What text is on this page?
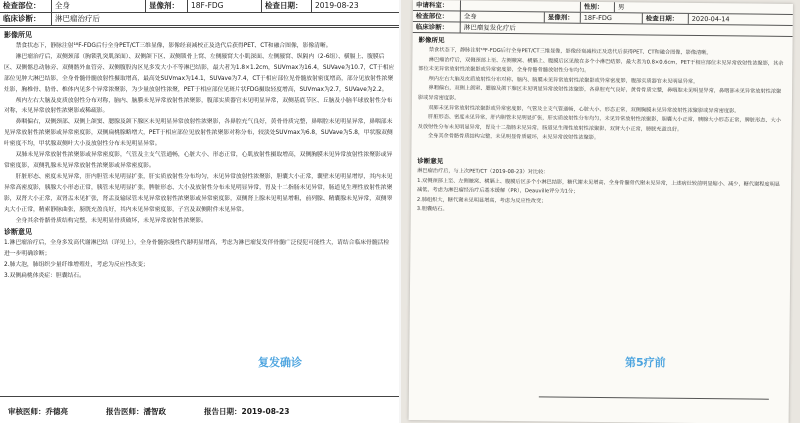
检查部位：	全身	显像剂：	18F-FDG	检查日期：	2019-08-23
临床诊断：	淋巴瘤治疗后
影像所见

禁食状态下，静脉注射¹⁸F-FDG后行全身PET/CT三维显像，影像经衰减校正及迭代后获得PET、CT和融合图像，影像清晰。

淋巴瘤治疗后，双侧颈部（胸锁乳突肌深面）、双侧颌下区、双侧锁骨上窝、左侧腋窝大小肌深面、左侧腋窝、纵隔内（2-6组）、横膈上、腹膜后区、双侧髂总动脉旁、双侧髂外血管旁、双侧腹股沟区见多发大小不等淋巴结影，最大者为1.8×1.2cm，SUVmax为16.4，SUVave为10.7，CT于相应部位见肿大淋巴结影，全身骨髓骨髓放射性摄取增高，最高处SUVmax为14.1，SUVave为7.4，CT于相应部位见骨髓放射密度增高，部分见放射性浓聚灶影，胸椎骨、肋骨、椎体内见多个异常浓聚影，为少量放射性浓聚，PET于相应部位见斑片状FDG摄取轻度增高，SUVmax为2.7，SUVave为2.2。

颅内左右大脑及皮质放射性分布对称，脑内、脑膜未见异常放射性浓聚影，腹部实质器官未见明显异常，双侧基底节区、丘脑及小脑半球放射性分布对称，未见异常放射性浓聚影或稀疏影。

鼻咽偏右，双侧颈部、双侧上颌窦、腮腺及颌下腺区未见明显异常放射性浓聚影，各鼻腔充气良好，黄骨骨质完整，鼻咽腔未见明显异常，鼻咽部未见异常放射性浓聚影或异常密度影，双侧扁桃腺略增大，PET于相应部位见放射性浓聚影对称分布，较淡处SUVmax为6.8，SUVave为5.8，甲状腺双侧叶密度不均，甲状腺双侧叶大小及放射性分布未见明显异常。

双肺未见异常放射性浓聚影或异常密度影，气管及主支气管通畅，心脏大小、形态正常，心肌放射性摄取增高，双侧胸膜未见异常放射性浓聚影或异常密度影，双侧乳腺未见异常放射性浓聚影或异常密度影。

肝脏形态、密度未见异常，肝内胆管未见明显扩张，肝实质放射性分布均匀，未见异常放射性浓聚影，胆囊大小正常，囊壁未见明显增厚，其内未见异常高密度影，胰腺大小形态正常，胰管未见明显扩张，脾脏形态、大小及放射性分布未见明显异常，胃及十二指肠未见异常，肠道见生理性放射性浓聚影，双肾大小正常，双肾盂未见扩张，肾盂及输尿管未见异常放射性浓聚影或异常密度影，双侧肾上腺未见明显增粗，前列腺、精囊腺未见异常，双侧睾丸大小正常，精索静脉曲张，膀胱充盈良好，其内未见异常密度影，子宫及双侧附件未见异常。

全身其余骨骼骨质结构完整，未见明显骨质破坏，未见异常放射性浓聚影。

诊断意见

1.淋巴瘤治疗后，全身多发高代谢淋巴结（详见上），全身骨髓弥漫性代谢明显增高，考虑为淋巴瘤复发伴骨髓广泛侵犯可能性大，请结合临床骨髓活检进一步明确诊断；

2.肺大泡，肺组织少量纤维增殖灶，考虑为反应性改变；

3.双侧扁桃体炎症：胆囊结石。

复发确诊
审核医师：乔德亮	报告医师：潘智政	报告日期：2019-08-23
申请科室：	性别：	男
检查部位：	全身	显像剂：	18F-FDG	检查日期：	2020-04-14
临床诊断：	淋巴瘤复发化疗后
影像所见

禁食状态下，静脉注射¹⁸F-FDG后行全身PET/CT三维显像，影像经衰减校正及迭代后获得PET、CT和融合图像，影像清晰。

淋巴瘤治疗后，双侧颈部上至、左侧腋窝、横膈上、腹膜后区见散在多个小淋巴结影，最大者为0.8×0.6cm，PET于相应部位未见异常放射性浓聚影，其余部位未见异常放射性浓聚影或异常密度影，全身骨骼骨髓放射性分布均匀。

颅内左右大脑及皮质放射性分布对称，脑内、脑膜未见异常放射性浓聚影或异常密度影，腹部实质器官未见明显异常。

鼻咽偏右，双侧上颌窦、腮腺及颌下腺区未见明显异常放射性浓聚影，各鼻腔充气良好，黄骨骨质完整，鼻咽腔未见明显异常，鼻咽部未见异常放射性浓聚影或异常密度影。

双肺未见异常放射性浓聚影或异常密度影，气管及主支气管通畅，心脏大小、形态正常，双侧胸膜未见异常放射性浓聚影或异常密度影。

肝脏形态、密度未见异常，肝内胆管未见明显扩张，肝实质放射性分布均匀，未见异常放射性浓聚影，胆囊大小正常，胰腺大小形态正常，脾脏形态、大小及放射性分布未见明显异常，胃及十二指肠未见异常，肠道见生理性放射性浓聚影，双肾大小正常，膀胱充盈良好。

全身其余骨骼骨质结构完整，未见明显骨质破坏，未见异常放射性浓聚影。

诊断意见

淋巴瘤治疗后，与上次PET/CT（2019-08-23）对比较：

1.双侧颈部上至、左侧腋窝、横膈上、腹膜后区多个小淋巴结影，糖代谢未见增高，全身骨髓骨代谢未见异常，上述病灶较前明显缩小、减少，糖代谢程度明显减低，考虑为淋巴瘤经治疗后基本缓解（PR），Deauville评分为1分；

2.肺组织大，糖代谢未见明显增高，考虑为反应性改变；

3.胆囊结石。

第5疗前
